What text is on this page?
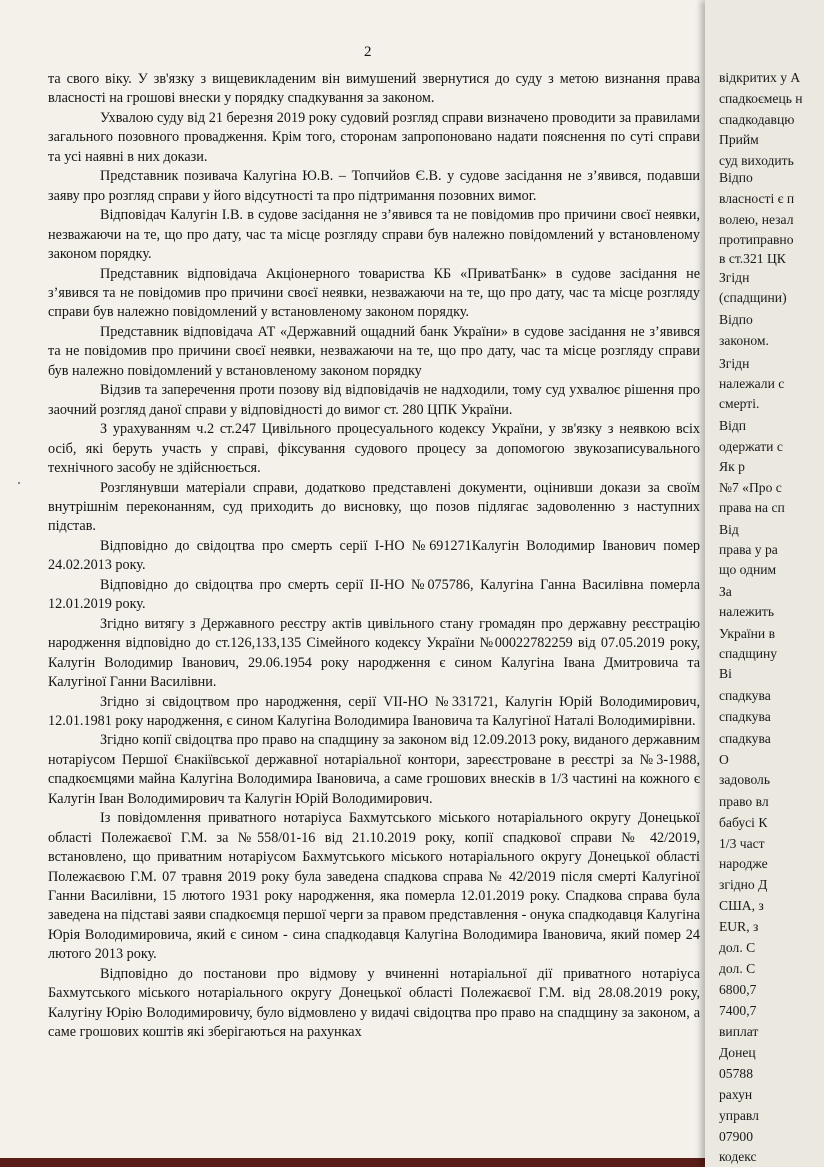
2

та свого віку. У зв'язку з вищевикладеним він вимушений звернутися до суду з метою визнання права власності на грошові внески у порядку спадкування за законом.

Ухвалою суду від 21 березня 2019 року судовий розгляд справи визначено проводити за правилами загального позовного провадження. Крім того, сторонам запропоновано надати пояснення по суті справи та усі наявні в них докази.

Представник позивача Калугіна Ю.В. – Топчийов Є.В. у судове засідання не з’явився, подавши заяву про розгляд справи у його відсутності та про підтримання позовних вимог.

Відповідач Калугін І.В. в судове засідання не з’явився та не повідомив про причини своєї неявки, незважаючи на те, що про дату, час та місце розгляду справи був належно повідомлений у встановленому законом порядку.

Представник відповідача Акціонерного товариства КБ «ПриватБанк» в судове засідання не з’явився та не повідомив про причини своєї неявки, незважаючи на те, що про дату, час та місце розгляду справи був належно повідомлений у встановленому законом порядку.

Представник відповідача АТ «Державний ощадний банк України» в судове засідання не з’явився та не повідомив про причини своєї неявки, незважаючи на те, що про дату, час та місце розгляду справи був належно повідомлений у встановленому законом порядку

Відзив та заперечення проти позову від відповідачів не надходили, тому суд ухвалює рішення про заочний розгляд даної справи у відповідності до вимог ст. 280 ЦПК України.

З урахуванням ч.2 ст.247 Цивільного процесуального кодексу України, у зв'язку з неявкою всіх осіб, які беруть участь у справі, фіксування судового процесу за допомогою звукозаписувального технічного засобу не здійснюється.

Розглянувши матеріали справи, додатково представлені документи, оцінивши докази за своїм внутрішнім переконанням, суд приходить до висновку, що позов підлягає задоволенню з наступних підстав.

Відповідно до свідоцтва про смерть серії І-НО №691271Калугін Володимир Іванович помер 24.02.2013 року.

Відповідно до свідоцтва про смерть серії ІІ-НО №075786, Калугіна Ганна Василівна померла 12.01.2019 року.

Згідно витягу з Державного реєстру актів цивільного стану громадян про державну реєстрацію народження відповідно до ст.126,133,135 Сімейного кодексу України №00022782259 від 07.05.2019 року, Калугін Володимир Іванович, 29.06.1954 року народження є сином Калугіна Івана Дмитровича та Калугіної Ганни Василівни.

Згідно зі свідоцтвом про народження, серії VІІ-НО №331721, Калугін Юрій Володимирович, 12.01.1981 року народження, є сином Калугіна Володимира Івановича та Калугіної Наталі Володимирівни.

Згідно копії свідоцтва про право на спадщину за законом від 12.09.2013 року, виданого державним нотаріусом Першої Єнакіївської державної нотаріальної контори, зареєстроване в реєстрі за №3-1988, спадкоємцями майна Калугіна Володимира Івановича, а саме грошових внесків в 1/3 частині на кожного є Калугін Іван Володимирович та Калугін Юрій Володимирович.

Із повідомлення приватного нотаріуса Бахмутського міського нотаріального округу Донецької області Полежаєвої Г.М. за №558/01-16 від 21.10.2019 року, копії спадкової справи № 42/2019, встановлено, що приватним нотаріусом Бахмутського міського нотаріального округу Донецької області Полежаєвою Г.М. 07 травня 2019 року була заведена спадкова справа № 42/2019 після смерті Калугіної Ганни Василівни, 15 лютого 1931 року народження, яка померла 12.01.2019 року. Спадкова справа була заведена на підставі заяви спадкоємця першої черги за правом представлення - онука спадкодавця Калугіна Юрія Володимировича, який є сином - сина спадкодавця Калугіна Володимира Івановича, який помер 24 лютого 2013 року.

Відповідно до постанови про відмову у вчиненні нотаріальної дії приватного нотаріуса Бахмутського міського нотаріального округу Донецької області Полежаєвої Г.М. від 28.08.2019 року, Калугіну Юрію Володимировичу, було відмовлено у видачі свідоцтва про право на спадщину за законом, а саме грошових коштів які зберігаються на рахунках

відкритих у А
спадкоємець н
спадкодавцю
Прийм
суд виходить
Відпо
власності є п
волею, незал
протиправно
в ст.321 ЦК
Згідн
(спадщини)
Відпо
законом.
Згідн
належали с
смерті.
Відп
одержати с
Як р
№7 «Про с
права на сп
Від
права у ра
що одним
За
належить
України в
спадщину
Ві
спадкува
спадкува
спадкува
О
задоволь
право вл
бабусі К
1/3 част
народже
згідно Д
США, з
EUR, з
дол. С
дол. С
6800,7
7400,7
виплат
Донец
05788
рахун
управл
07900
кодекс
